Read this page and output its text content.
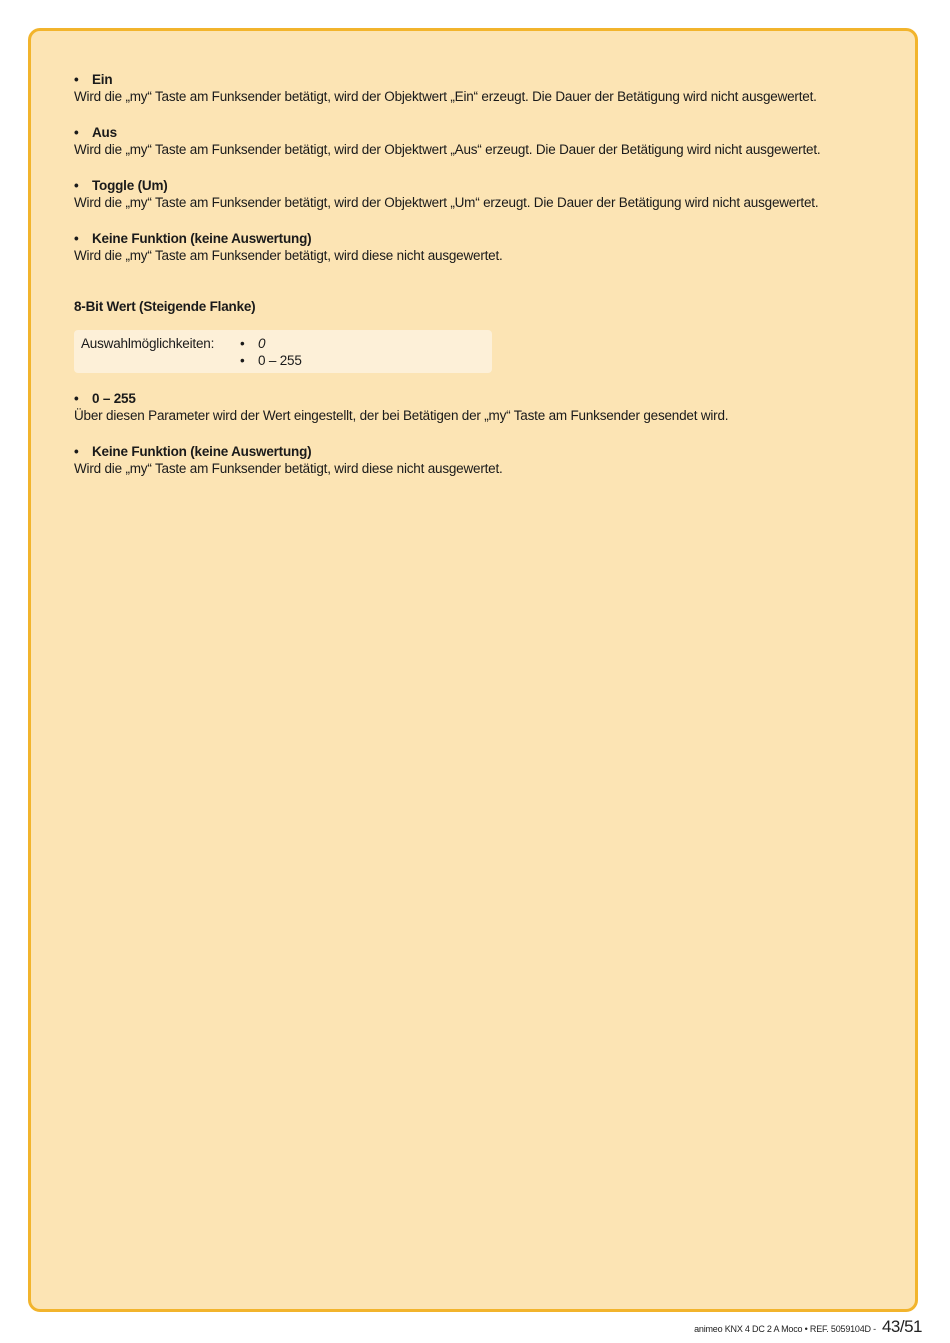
• Ein
Wird die „my“ Taste am Funksender betätigt, wird der Objektwert „Ein“ erzeugt. Die Dauer der Betätigung wird nicht ausgewertet.
• Aus
Wird die „my“ Taste am Funksender betätigt, wird der Objektwert „Aus“ erzeugt. Die Dauer der Betätigung wird nicht ausgewertet.
• Toggle (Um)
Wird die „my“ Taste am Funksender betätigt, wird der Objektwert „Um“ erzeugt. Die Dauer der Betätigung wird nicht ausgewertet.
• Keine Funktion (keine Auswertung)
Wird die „my“ Taste am Funksender betätigt, wird diese nicht ausgewertet.
8-Bit Wert (Steigende Flanke)
Auswahlmöglichkeiten:	• 0
• 0 – 255
• 0 – 255
Über diesen Parameter wird der Wert eingestellt, der bei Betätigen der „my“ Taste am Funksender gesendet wird.
• Keine Funktion (keine Auswertung)
Wird die „my“ Taste am Funksender betätigt, wird diese nicht ausgewertet.
animeo KNX 4 DC 2 A Moco • REF. 5059104D - 43/51
